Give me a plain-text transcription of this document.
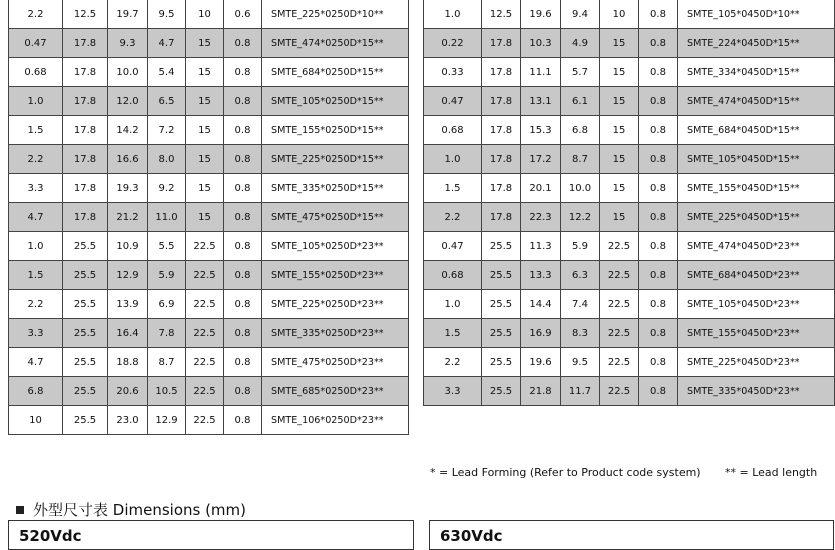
2.2	12.5	19.7	9.5	10	0.6	SMTE_225*0250D*10**
0.47	17.8	9.3	4.7	15	0.8	SMTE_474*0250D*15**
0.68	17.8	10.0	5.4	15	0.8	SMTE_684*0250D*15**
1.0	17.8	12.0	6.5	15	0.8	SMTE_105*0250D*15**
1.5	17.8	14.2	7.2	15	0.8	SMTE_155*0250D*15**
2.2	17.8	16.6	8.0	15	0.8	SMTE_225*0250D*15**
3.3	17.8	19.3	9.2	15	0.8	SMTE_335*0250D*15**
4.7	17.8	21.2	11.0	15	0.8	SMTE_475*0250D*15**
1.0	25.5	10.9	5.5	22.5	0.8	SMTE_105*0250D*23**
1.5	25.5	12.9	5.9	22.5	0.8	SMTE_155*0250D*23**
2.2	25.5	13.9	6.9	22.5	0.8	SMTE_225*0250D*23**
3.3	25.5	16.4	7.8	22.5	0.8	SMTE_335*0250D*23**
4.7	25.5	18.8	8.7	22.5	0.8	SMTE_475*0250D*23**
6.8	25.5	20.6	10.5	22.5	0.8	SMTE_685*0250D*23**
10	25.5	23.0	12.9	22.5	0.8	SMTE_106*0250D*23**
1.0	12.5	19.6	9.4	10	0.8	SMTE_105*0450D*10**
0.22	17.8	10.3	4.9	15	0.8	SMTE_224*0450D*15**
0.33	17.8	11.1	5.7	15	0.8	SMTE_334*0450D*15**
0.47	17.8	13.1	6.1	15	0.8	SMTE_474*0450D*15**
0.68	17.8	15.3	6.8	15	0.8	SMTE_684*0450D*15**
1.0	17.8	17.2	8.7	15	0.8	SMTE_105*0450D*15**
1.5	17.8	20.1	10.0	15	0.8	SMTE_155*0450D*15**
2.2	17.8	22.3	12.2	15	0.8	SMTE_225*0450D*15**
0.47	25.5	11.3	5.9	22.5	0.8	SMTE_474*0450D*23**
0.68	25.5	13.3	6.3	22.5	0.8	SMTE_684*0450D*23**
1.0	25.5	14.4	7.4	22.5	0.8	SMTE_105*0450D*23**
1.5	25.5	16.9	8.3	22.5	0.8	SMTE_155*0450D*23**
2.2	25.5	19.6	9.5	22.5	0.8	SMTE_225*0450D*23**
3.3	25.5	21.8	11.7	22.5	0.8	SMTE_335*0450D*23**
* = Lead Forming (Refer to Product code system) ** = Lead length
外型尺寸表 Dimensions (mm)
520Vdc	630Vdc
